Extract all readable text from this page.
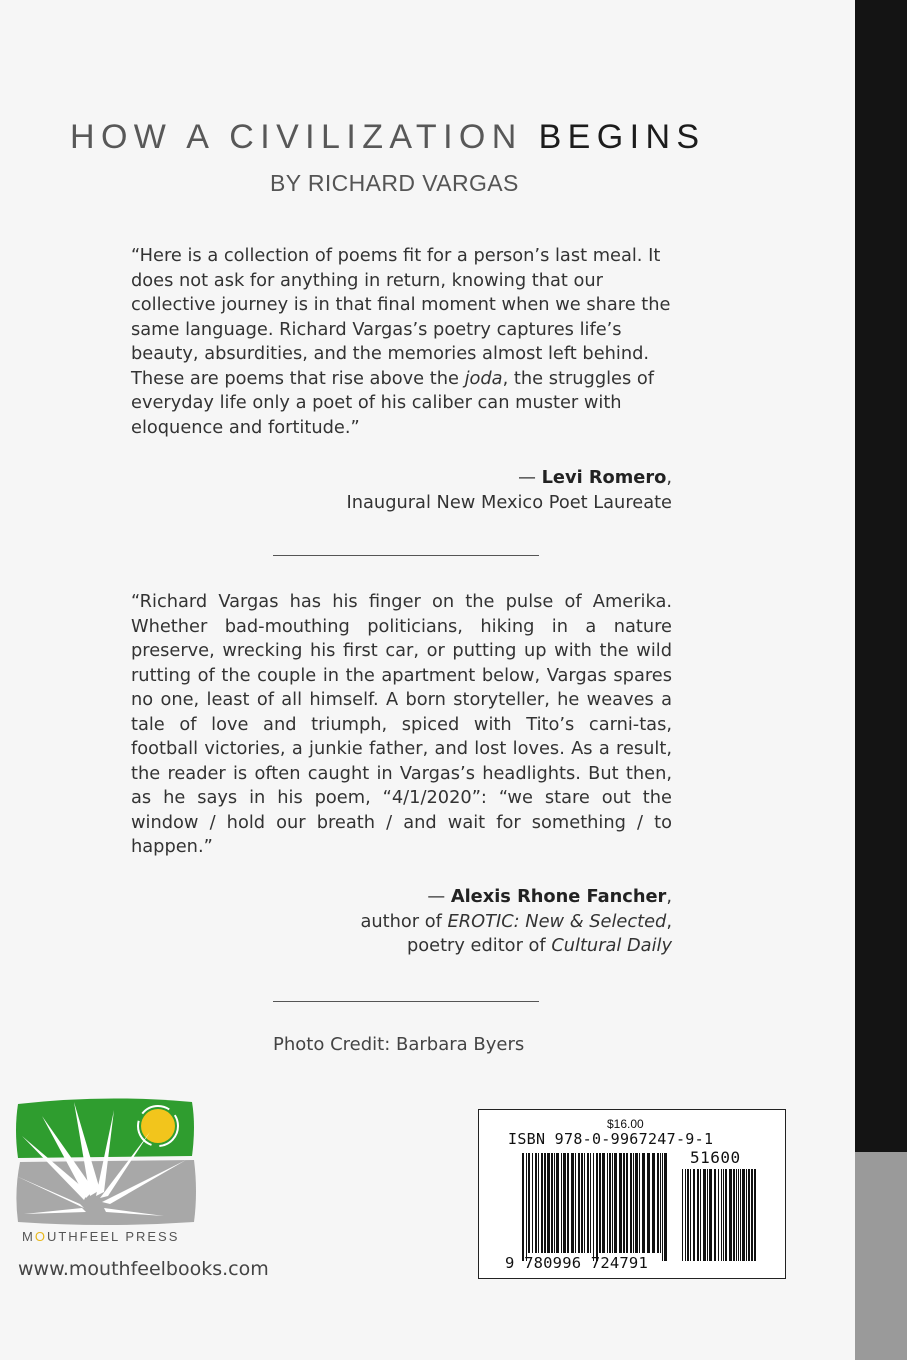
HOW A CIVILIZATION BEGINS
BY RICHARD VARGAS

“Here is a collection of poems fit for a person’s last meal. It does not ask for anything in return, knowing that our collective journey is in that final moment when we share the same language. Richard Vargas’s poetry captures life’s beauty, absurdities, and the memories almost left behind. These are poems that rise above the joda, the struggles of everyday life only a poet of his caliber can muster with eloquence and fortitude.”

— Levi Romero,
Inaugural New Mexico Poet Laureate

“Richard Vargas has his finger on the pulse of Amerika. Whether bad-mouthing politicians, hiking in a nature preserve, wrecking his first car, or putting up with the wild rutting of the couple in the apartment below, Vargas spares no one, least of all himself. A born storyteller, he weaves a tale of love and triumph, spiced with Tito’s carni-tas, football victories, a junkie father, and lost loves. As a result, the reader is often caught in Vargas’s headlights. But then, as he says in his poem, “4/1/2020”: “we stare out the window / hold our breath / and wait for something / to happen.”

— Alexis Rhone Fancher,
author of EROTIC: New & Selected,
poetry editor of Cultural Daily
Photo Credit: Barbara Byers
MOUTHFEEL PRESS
www.mouthfeelbooks.com
$16.00
ISBN 978-0-9967247-9-1
51600
9 780996 724791
